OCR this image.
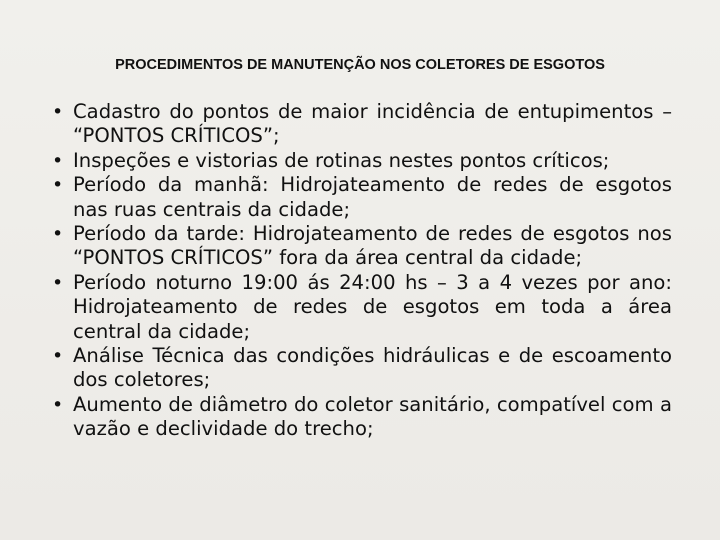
PROCEDIMENTOS DE MANUTENÇÃO NOS COLETORES DE ESGOTOS
• Cadastro do pontos de maior incidência de entupimentos – “PONTOS CRÍTICOS”;
• Inspeções e vistorias de rotinas nestes pontos críticos;
• Período da manhã: Hidrojateamento de redes de esgotos nas ruas centrais da cidade;
• Período da tarde: Hidrojateamento de redes de esgotos nos “PONTOS CRÍTICOS” fora da área central da cidade;
• Período noturno 19:00 ás 24:00 hs – 3 a 4 vezes por ano: Hidrojateamento de redes de esgotos em toda a área central da cidade;
• Análise Técnica das condições hidráulicas e de escoamento dos coletores;
• Aumento de diâmetro do coletor sanitário, compatível com a vazão e declividade do trecho;
